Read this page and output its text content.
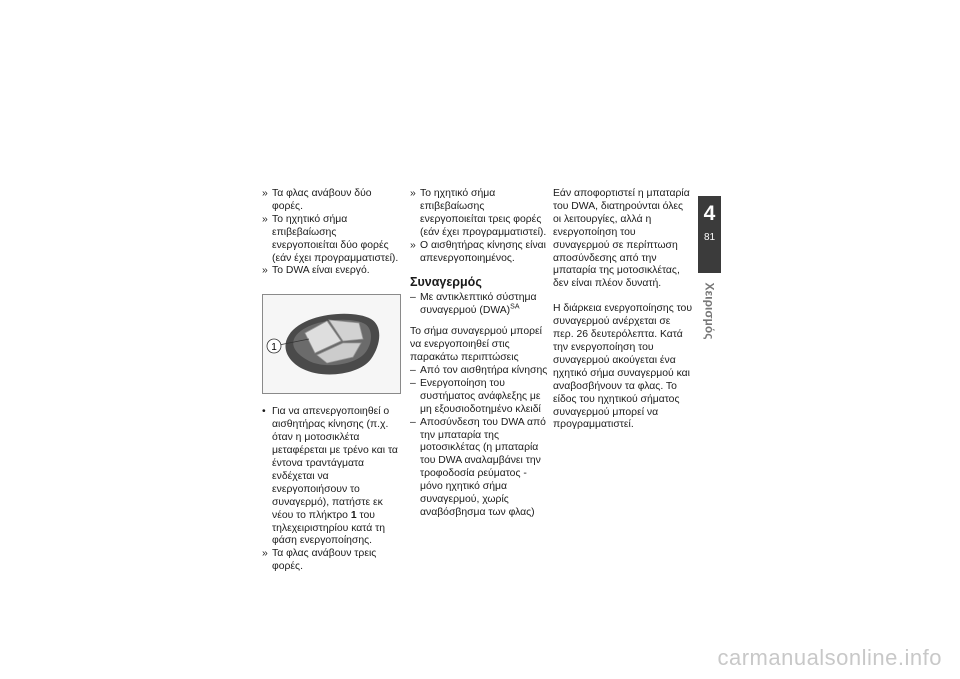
» Τα φλας ανάβουν δύο φορές.
» Το ηχητικό σήμα επιβεβαίωσης ενεργοποιείται δύο φορές (εάν έχει προγραμματιστεί).
» Το DWA είναι ενεργό.
1
• Για να απενεργοποιηθεί ο αισθητήρας κίνησης (π.χ. όταν η μοτοσικλέτα μεταφέρεται με τρένο και τα έντονα τραντάγματα ενδέχεται να ενεργοποιήσουν το συναγερμό), πατήστε εκ νέου το πλήκτρο 1 του τηλεχειριστηρίου κατά τη φάση ενεργοποίησης.
» Τα φλας ανάβουν τρεις φορές.
» Το ηχητικό σήμα επιβεβαίωσης ενεργοποιείται τρεις φορές (εάν έχει προγραμματιστεί).
» Ο αισθητήρας κίνησης είναι απενεργοποιημένος.
Συναγερμός
– Με αντικλεπτικό σύστημα συναγερμού (DWA)$^{SA}$

Το σήμα συναγερμού μπορεί να ενεργοποιηθεί στις παρακάτω περιπτώσεις

– Από τον αισθητήρα κίνησης
– Ενεργοποίηση του συστήματος ανάφλεξης με μη εξουσιοδοτημένο κλειδί
– Αποσύνδεση του DWA από την μπαταρία της μοτοσικλέτας (η μπαταρία του DWA αναλαμβάνει την τροφοδοσία ρεύματος - μόνο ηχητικό σήμα συναγερμού, χωρίς αναβόσβησμα των φλας)

Εάν αποφορτιστεί η μπαταρία του DWA, διατηρούνται όλες οι λειτουργίες, αλλά η ενεργοποίηση του συναγερμού σε περίπτωση αποσύνδεσης από την μπαταρία της μοτοσικλέτας, δεν είναι πλέον δυνατή.

Η διάρκεια ενεργοποίησης του συναγερμού ανέρχεται σε περ. 26 δευτερόλεπτα. Κατά την ενεργοποίηση του συναγερμού ακούγεται ένα ηχητικό σήμα συναγερμού και αναβοσβήνουν τα φλας. Το είδος του ηχητικού σήματος συναγερμού μπορεί να προγραμματιστεί.

4
81
Χειρισμός
carmanualsonline.info
